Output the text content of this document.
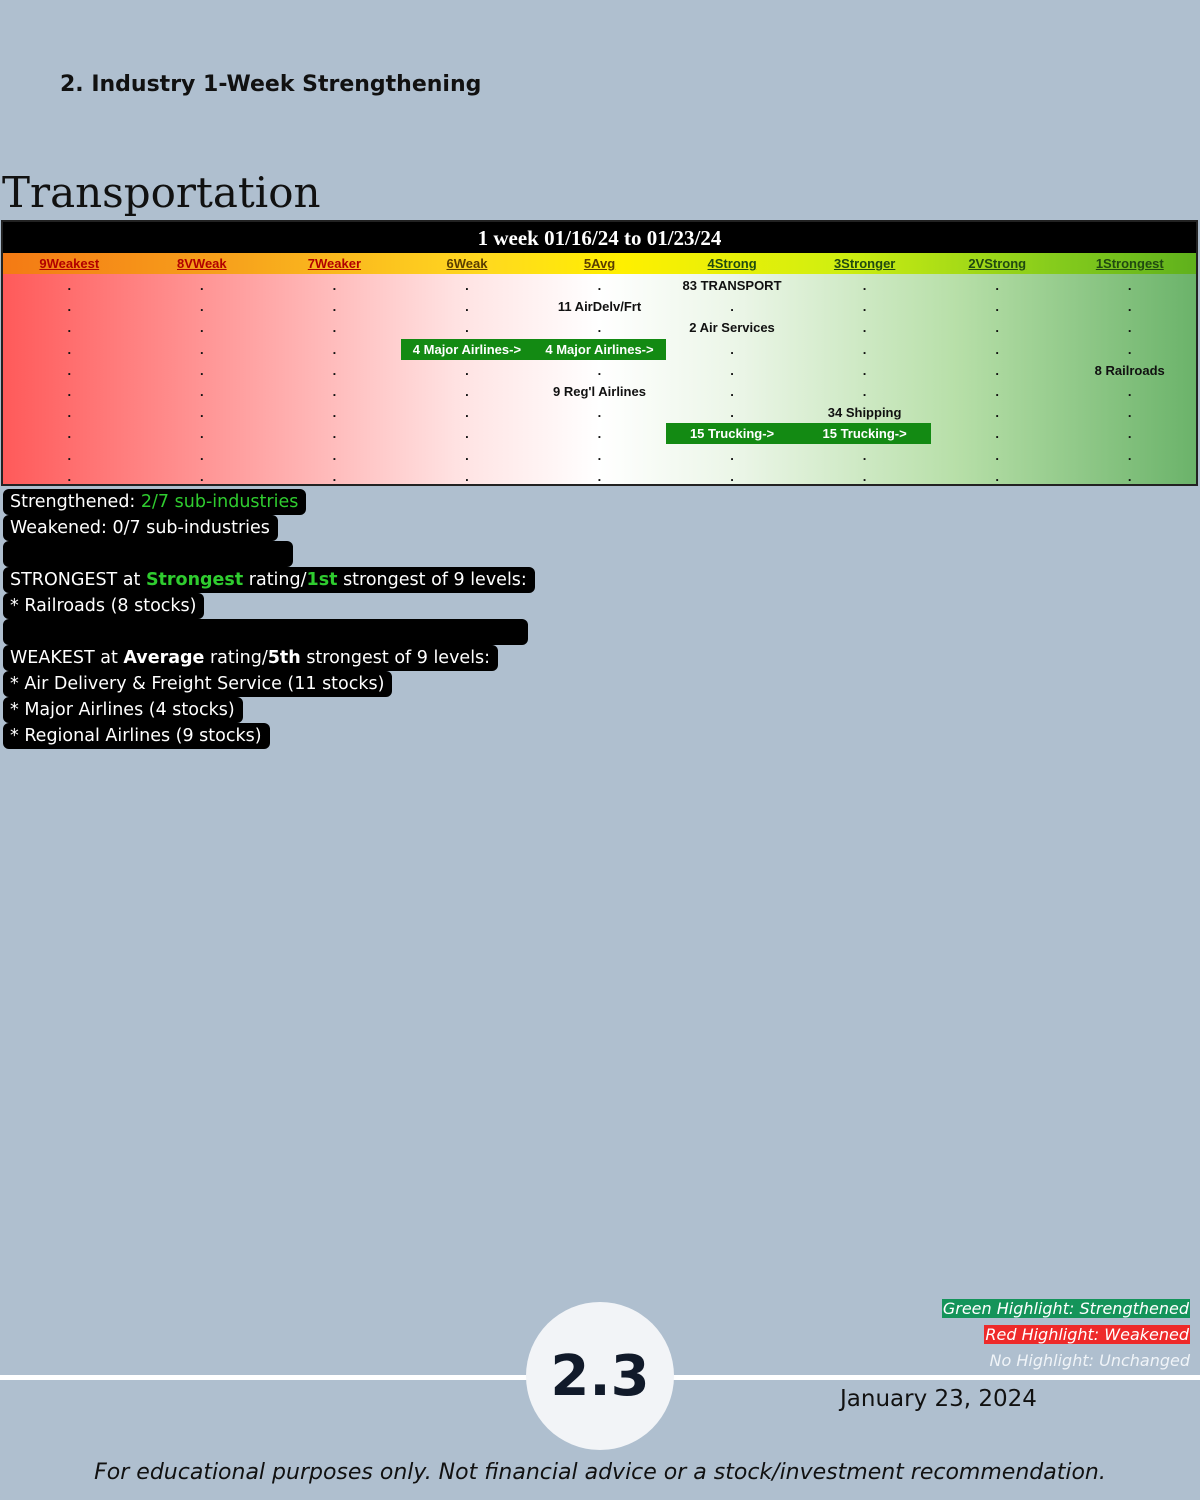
2. Industry 1-Week Strengthening
Transportation
1 week 01/16/24 to 01/23/24
9Weakest	8VWeak	7Weaker	6Weak	5Avg	4Strong	3Stronger	2VStrong	1Strongest
.	.	.	.	.	83 TRANSPORT	.	.	.
.	.	.	.	11 AirDelv/Frt	.	.	.	.
.	.	.	.	.	2 Air Services	.	.	.
.	.	.	4 Major Airlines->	4 Major Airlines->	.	.	.	.
.	.	.	.	.	.	.	.	8 Railroads
.	.	.	.	9 Reg'l Airlines	.	.	.	.
.	.	.	.	.	.	34 Shipping	.	.
.	.	.	.	.	15 Trucking->	15 Trucking->	.	.
.	.	.	.	.	.	.	.	.
.	.	.	.	.	.	.	.	.
Strengthened: 2/7 sub-industries
Weakened: 0/7 sub-industries
STRONGEST at Strongest rating/1st strongest of 9 levels:
* Railroads (8 stocks)
WEAKEST at Average rating/5th strongest of 9 levels:
* Air Delivery & Freight Service (11 stocks)
* Major Airlines (4 stocks)
* Regional Airlines (9 stocks)
Green Highlight: Strengthened
Red Highlight: Weakened
No Highlight: Unchanged
2.3	January 23, 2024
For educational purposes only. Not financial advice or a stock/investment recommendation.
